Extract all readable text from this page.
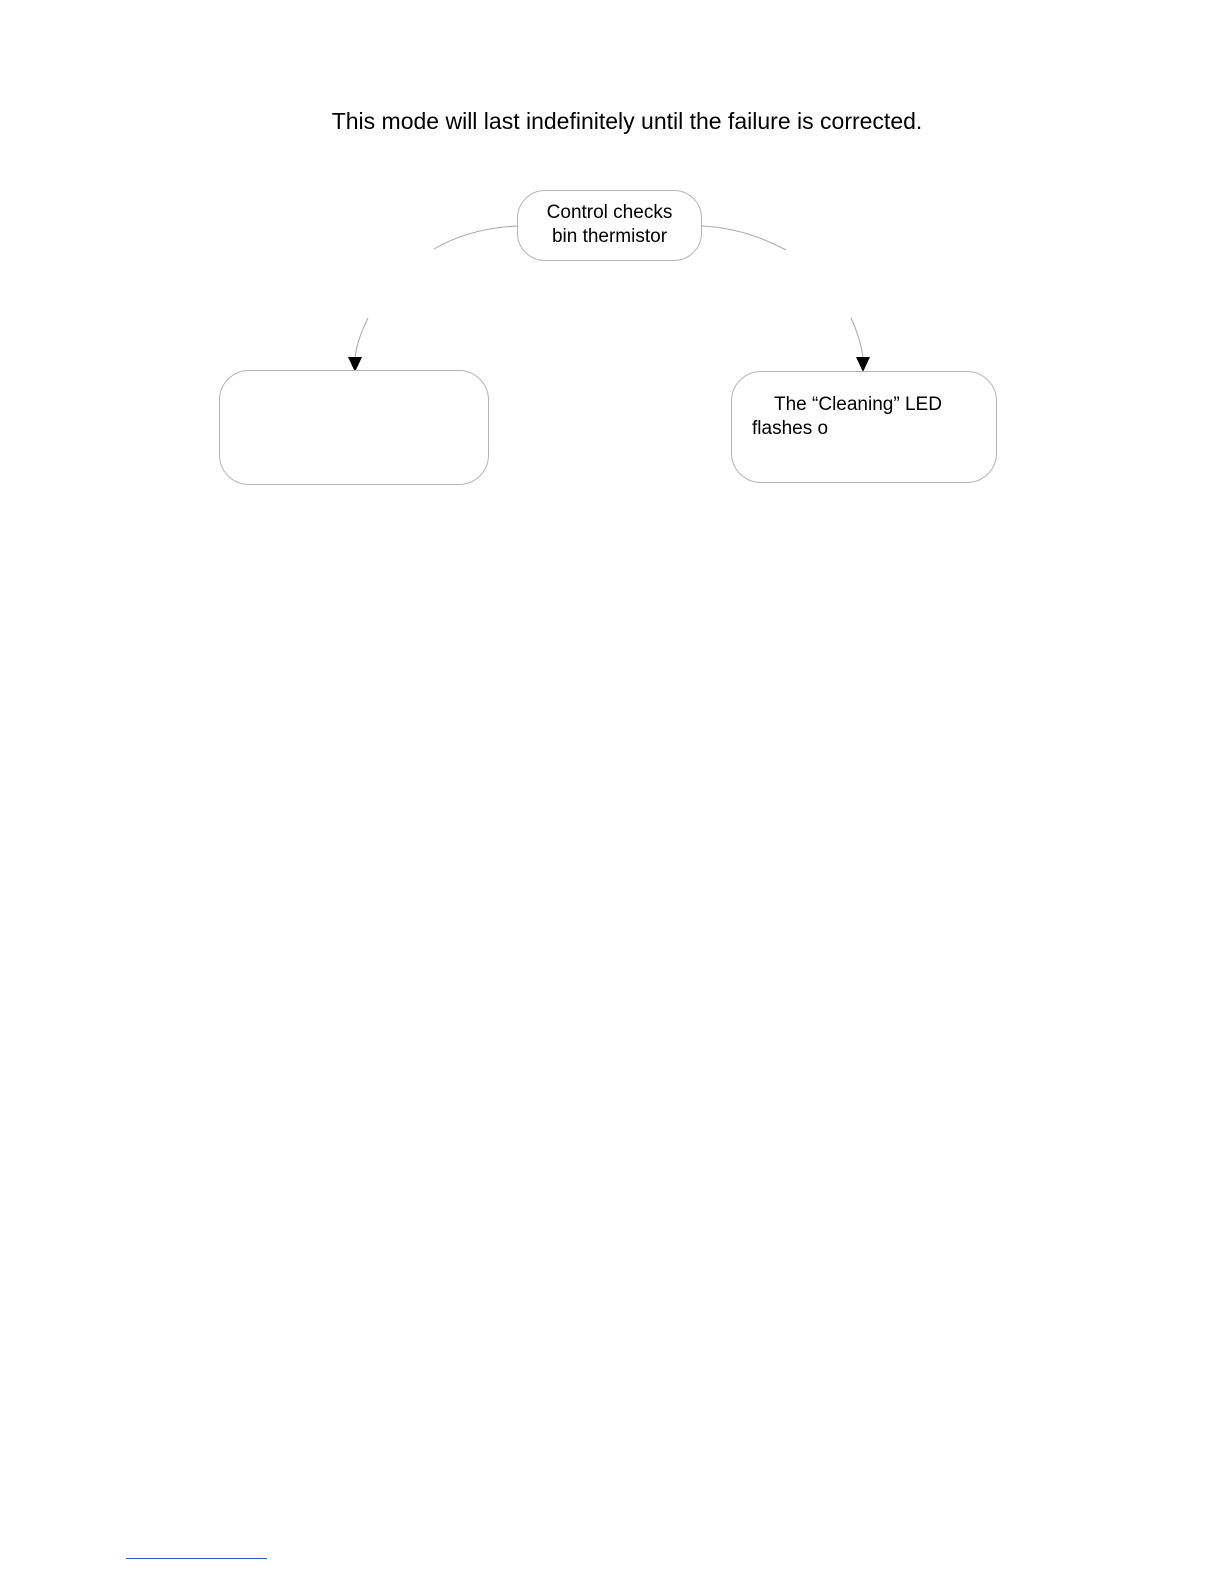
This mode will last indefinitely until the failure is corrected.
Control checks
bin thermistor
The “Cleaning” LED
flashes o
